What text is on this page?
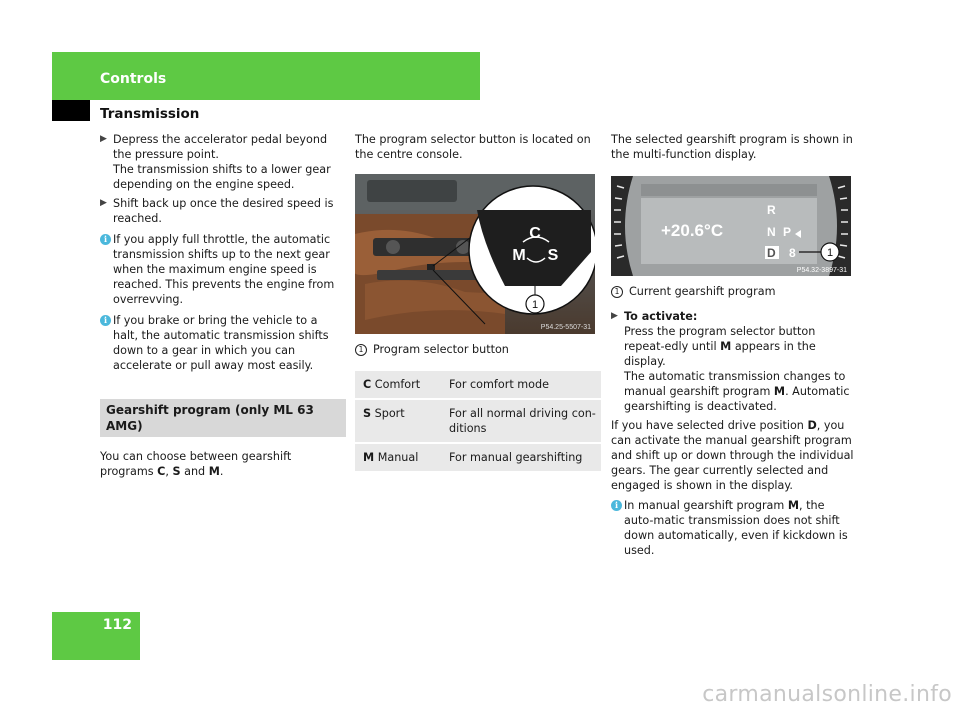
Controls
Transmission
▶ Depress the accelerator pedal beyond the pressure point.

The transmission shifts to a lower gear depending on the engine speed.

▶ Shift back up once the desired speed is reached.

i If you apply full throttle, the automatic transmission shifts up to the next gear when the maximum engine speed is reached. This prevents the engine from overrevving.

i If you brake or bring the vehicle to a halt, the automatic transmission shifts down to a gear in which you can accelerate or pull away most easily.

Gearshift program (only ML 63 AMG)

You can choose between gearshift programs C, S and M.

The program selector button is located on the centre console.

C
M S
1
P54.25-5507-31

1 Program selector button

C Comfort	For comfort mode
S Sport	For all normal driving con-ditions
M Manual	For manual gearshifting

The selected gearshift program is shown in the multi-function display.

+20.6°C
R
N P
D 8	1
P54.32-3897-31

1 Current gearshift program

▶ To activate:

Press the program selector button repeat-edly until M appears in the display.

The automatic transmission changes to manual gearshift program M. Automatic gearshifting is deactivated.

If you have selected drive position D, you can activate the manual gearshift program and shift up or down through the individual gears. The gear currently selected and engaged is shown in the display.

i In manual gearshift program M, the auto-matic transmission does not shift down automatically, even if kickdown is used.

112
carmanualsonline.info
